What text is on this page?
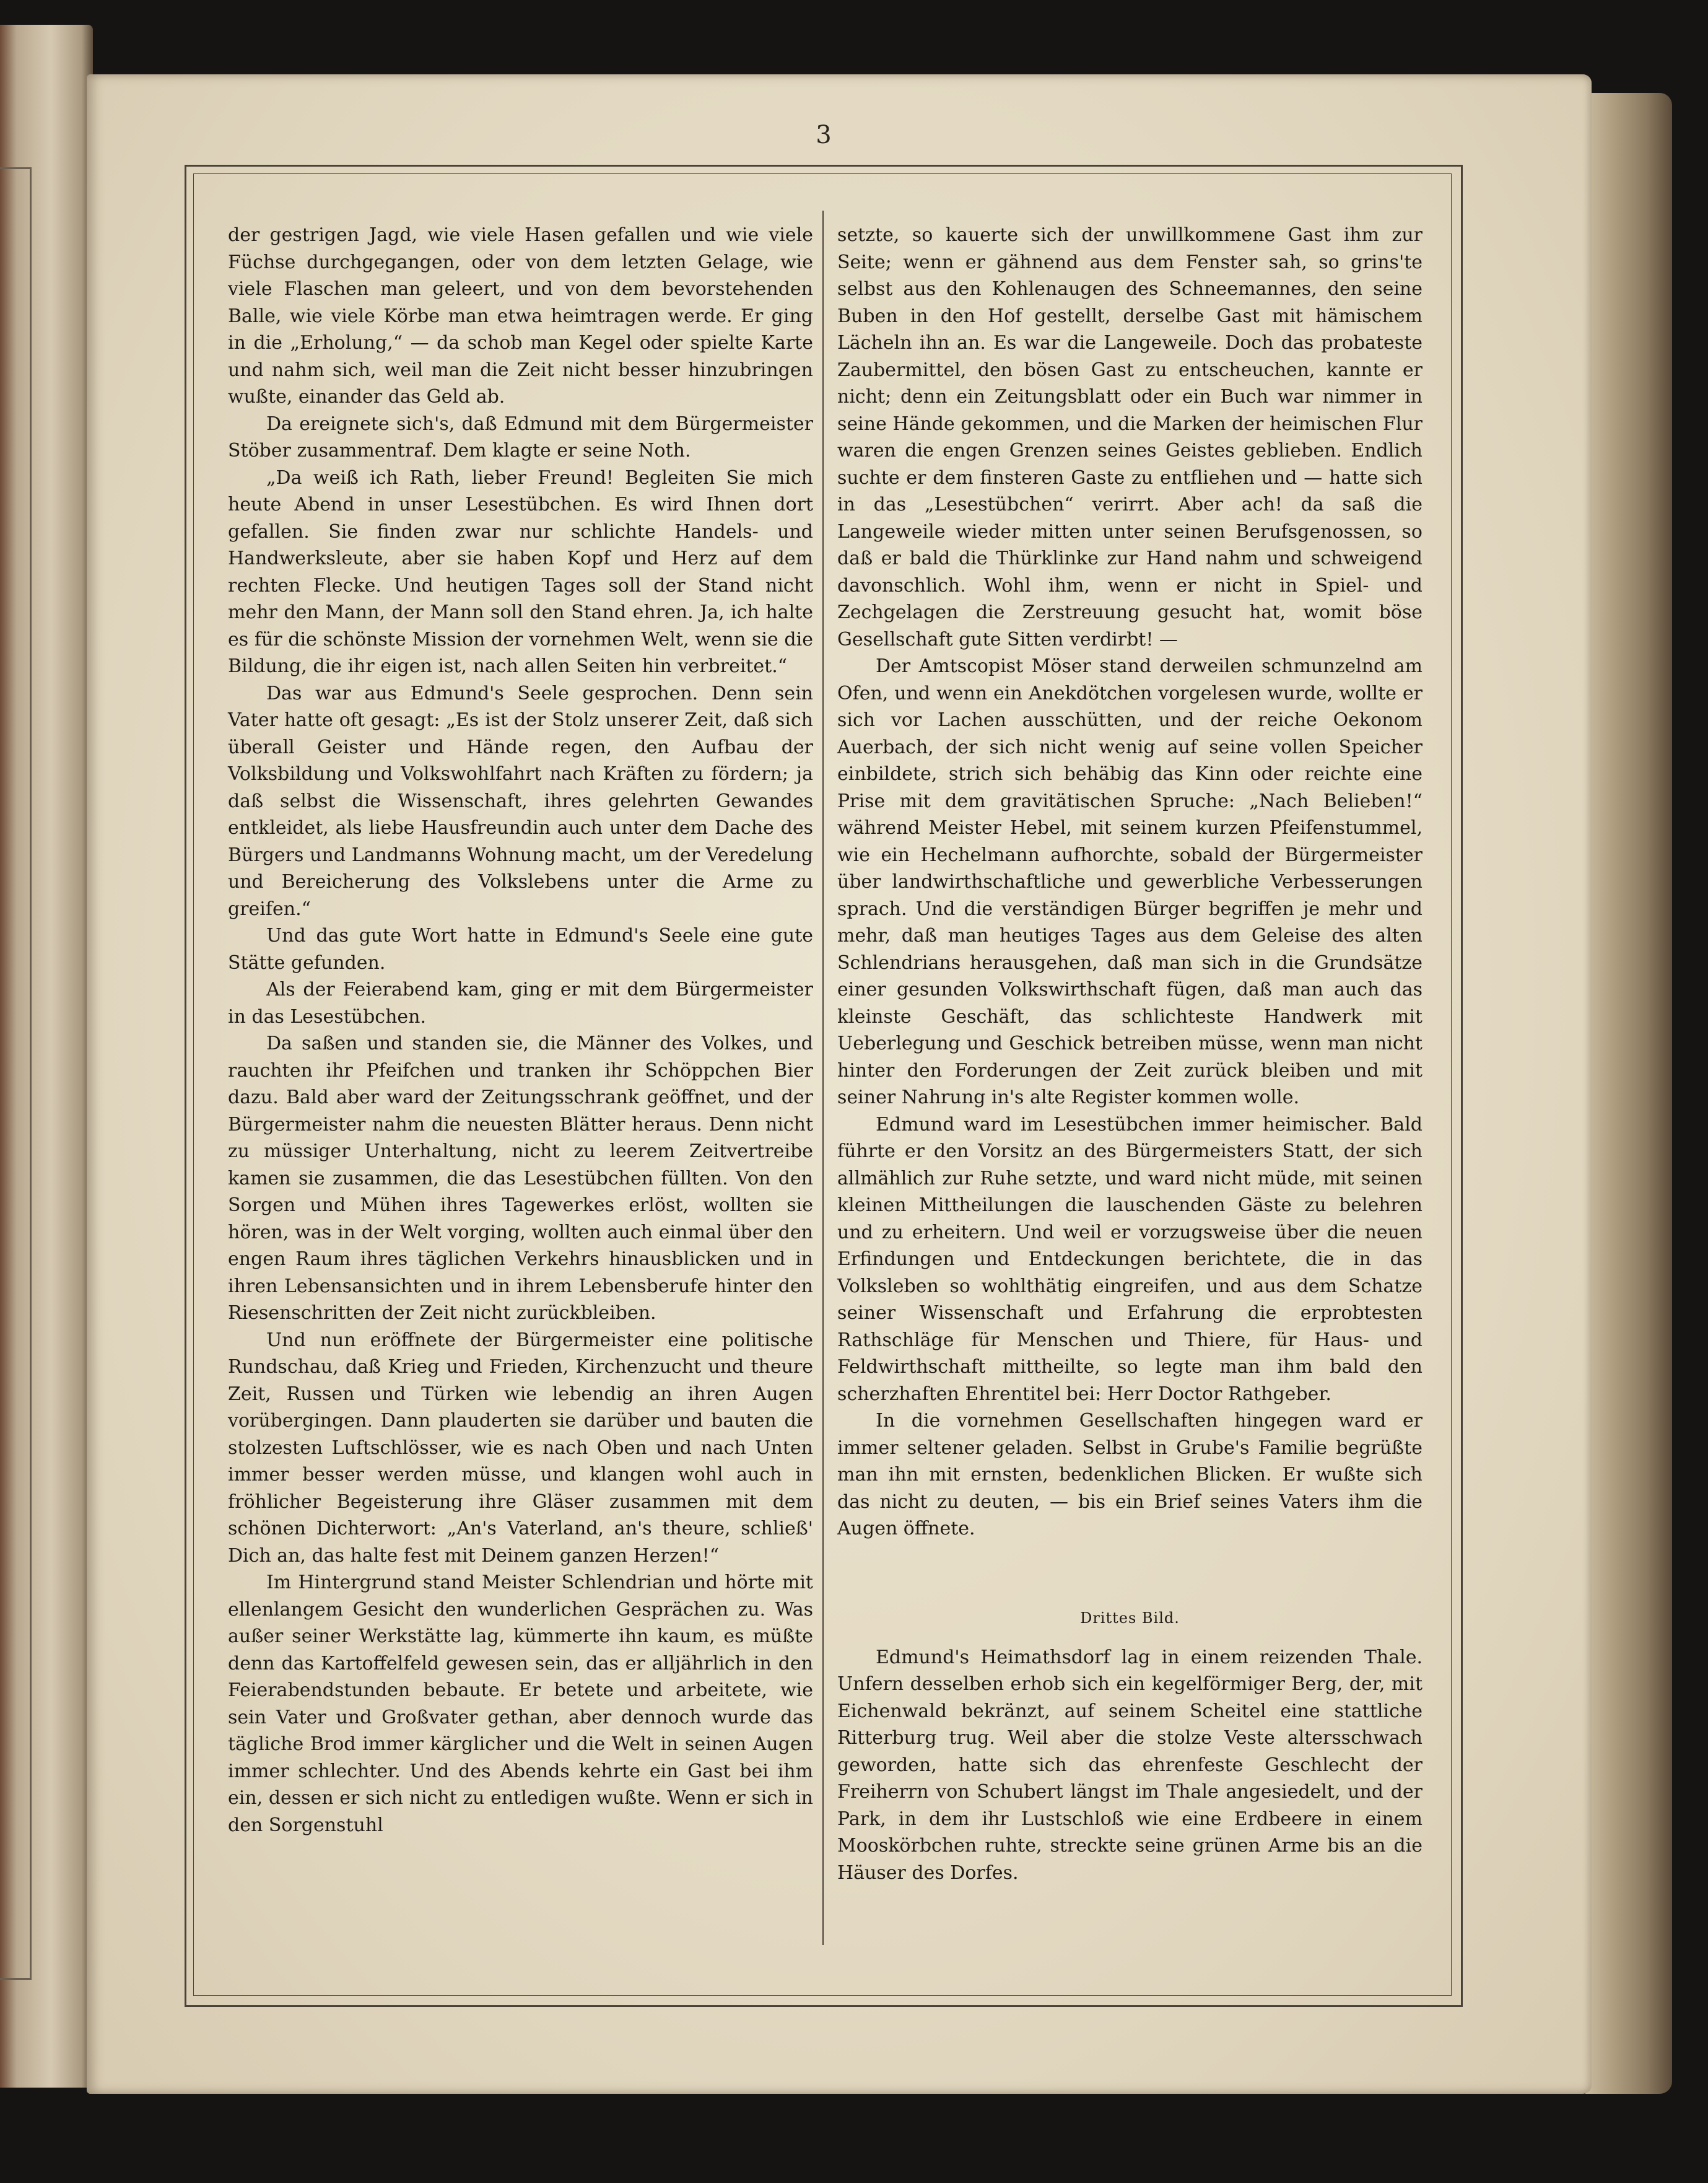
3

der gestrigen Jagd, wie viele Hasen gefallen und wie viele Füchse durchgegangen, oder von dem letzten Gelage, wie viele Flaschen man geleert, und von dem bevorstehenden Balle, wie viele Körbe man etwa heimtragen werde. Er ging in die „Erholung,“ — da schob man Kegel oder spielte Karte und nahm sich, weil man die Zeit nicht besser hinzubringen wußte, einander das Geld ab.

Da ereignete sich's, daß Edmund mit dem Bürgermeister Stöber zusammentraf. Dem klagte er seine Noth.

„Da weiß ich Rath, lieber Freund! Begleiten Sie mich heute Abend in unser Lesestübchen. Es wird Ihnen dort gefallen. Sie finden zwar nur schlichte Handels- und Handwerksleute, aber sie haben Kopf und Herz auf dem rechten Flecke. Und heutigen Tages soll der Stand nicht mehr den Mann, der Mann soll den Stand ehren. Ja, ich halte es für die schönste Mission der vornehmen Welt, wenn sie die Bildung, die ihr eigen ist, nach allen Seiten hin verbreitet.“

Das war aus Edmund's Seele gesprochen. Denn sein Vater hatte oft gesagt: „Es ist der Stolz unserer Zeit, daß sich überall Geister und Hände regen, den Aufbau der Volksbildung und Volkswohlfahrt nach Kräften zu fördern; ja daß selbst die Wissenschaft, ihres gelehrten Gewandes entkleidet, als liebe Hausfreundin auch unter dem Dache des Bürgers und Landmanns Wohnung macht, um der Veredelung und Bereicherung des Volkslebens unter die Arme zu greifen.“

Und das gute Wort hatte in Edmund's Seele eine gute Stätte gefunden.

Als der Feierabend kam, ging er mit dem Bürgermeister in das Lesestübchen.

Da saßen und standen sie, die Männer des Volkes, und rauchten ihr Pfeifchen und tranken ihr Schöppchen Bier dazu. Bald aber ward der Zeitungsschrank geöffnet, und der Bürgermeister nahm die neuesten Blätter heraus. Denn nicht zu müssiger Unterhaltung, nicht zu leerem Zeitvertreibe kamen sie zusammen, die das Lesestübchen füllten. Von den Sorgen und Mühen ihres Tagewerkes erlöst, wollten sie hören, was in der Welt vorging, wollten auch einmal über den engen Raum ihres täglichen Verkehrs hinausblicken und in ihren Lebensansichten und in ihrem Lebensberufe hinter den Riesenschritten der Zeit nicht zurückbleiben.

Und nun eröffnete der Bürgermeister eine politische Rundschau, daß Krieg und Frieden, Kirchenzucht und theure Zeit, Russen und Türken wie lebendig an ihren Augen vorübergingen. Dann plauderten sie darüber und bauten die stolzesten Luftschlösser, wie es nach Oben und nach Unten immer besser werden müsse, und klangen wohl auch in fröhlicher Begeisterung ihre Gläser zusammen mit dem schönen Dichterwort: „An's Vaterland, an's theure, schließ' Dich an, das halte fest mit Deinem ganzen Herzen!“

Im Hintergrund stand Meister Schlendrian und hörte mit ellenlangem Gesicht den wunderlichen Gesprächen zu. Was außer seiner Werkstätte lag, kümmerte ihn kaum, es müßte denn das Kartoffelfeld gewesen sein, das er alljährlich in den Feierabendstunden bebaute. Er betete und arbeitete, wie sein Vater und Großvater gethan, aber dennoch wurde das tägliche Brod immer kärglicher und die Welt in seinen Augen immer schlechter. Und des Abends kehrte ein Gast bei ihm ein, dessen er sich nicht zu entledigen wußte. Wenn er sich in den Sorgenstuhl

setzte, so kauerte sich der unwillkommene Gast ihm zur Seite; wenn er gähnend aus dem Fenster sah, so grins'te selbst aus den Kohlenaugen des Schneemannes, den seine Buben in den Hof gestellt, derselbe Gast mit hämischem Lächeln ihn an. Es war die Langeweile. Doch das probateste Zaubermittel, den bösen Gast zu entscheuchen, kannte er nicht; denn ein Zeitungsblatt oder ein Buch war nimmer in seine Hände gekommen, und die Marken der heimischen Flur waren die engen Grenzen seines Geistes geblieben. Endlich suchte er dem finsteren Gaste zu entfliehen und — hatte sich in das „Lesestübchen“ verirrt. Aber ach! da saß die Langeweile wieder mitten unter seinen Berufsgenossen, so daß er bald die Thürklinke zur Hand nahm und schweigend davonschlich. Wohl ihm, wenn er nicht in Spiel- und Zechgelagen die Zerstreuung gesucht hat, womit böse Gesellschaft gute Sitten verdirbt! —

Der Amtscopist Möser stand derweilen schmunzelnd am Ofen, und wenn ein Anekdötchen vorgelesen wurde, wollte er sich vor Lachen ausschütten, und der reiche Oekonom Auerbach, der sich nicht wenig auf seine vollen Speicher einbildete, strich sich behäbig das Kinn oder reichte eine Prise mit dem gravitätischen Spruche: „Nach Belieben!“ während Meister Hebel, mit seinem kurzen Pfeifenstummel, wie ein Hechelmann aufhorchte, sobald der Bürgermeister über landwirthschaftliche und gewerbliche Verbesserungen sprach. Und die verständigen Bürger begriffen je mehr und mehr, daß man heutiges Tages aus dem Geleise des alten Schlendrians herausgehen, daß man sich in die Grundsätze einer gesunden Volkswirthschaft fügen, daß man auch das kleinste Geschäft, das schlichteste Handwerk mit Ueberlegung und Geschick betreiben müsse, wenn man nicht hinter den Forderungen der Zeit zurück bleiben und mit seiner Nahrung in's alte Register kommen wolle.

Edmund ward im Lesestübchen immer heimischer. Bald führte er den Vorsitz an des Bürgermeisters Statt, der sich allmählich zur Ruhe setzte, und ward nicht müde, mit seinen kleinen Mittheilungen die lauschenden Gäste zu belehren und zu erheitern. Und weil er vorzugsweise über die neuen Erfindungen und Entdeckungen berichtete, die in das Volksleben so wohlthätig eingreifen, und aus dem Schatze seiner Wissenschaft und Erfahrung die erprobtesten Rathschläge für Menschen und Thiere, für Haus- und Feldwirthschaft mittheilte, so legte man ihm bald den scherzhaften Ehrentitel bei: Herr Doctor Rathgeber.

In die vornehmen Gesellschaften hingegen ward er immer seltener geladen. Selbst in Grube's Familie begrüßte man ihn mit ernsten, bedenklichen Blicken. Er wußte sich das nicht zu deuten, — bis ein Brief seines Vaters ihm die Augen öffnete.

Drittes Bild.

Edmund's Heimathsdorf lag in einem reizenden Thale. Unfern desselben erhob sich ein kegelförmiger Berg, der, mit Eichenwald bekränzt, auf seinem Scheitel eine stattliche Ritterburg trug. Weil aber die stolze Veste altersschwach geworden, hatte sich das ehrenfeste Geschlecht der Freiherrn von Schubert längst im Thale angesiedelt, und der Park, in dem ihr Lustschloß wie eine Erdbeere in einem Mooskörbchen ruhte, streckte seine grünen Arme bis an die Häuser des Dorfes.
